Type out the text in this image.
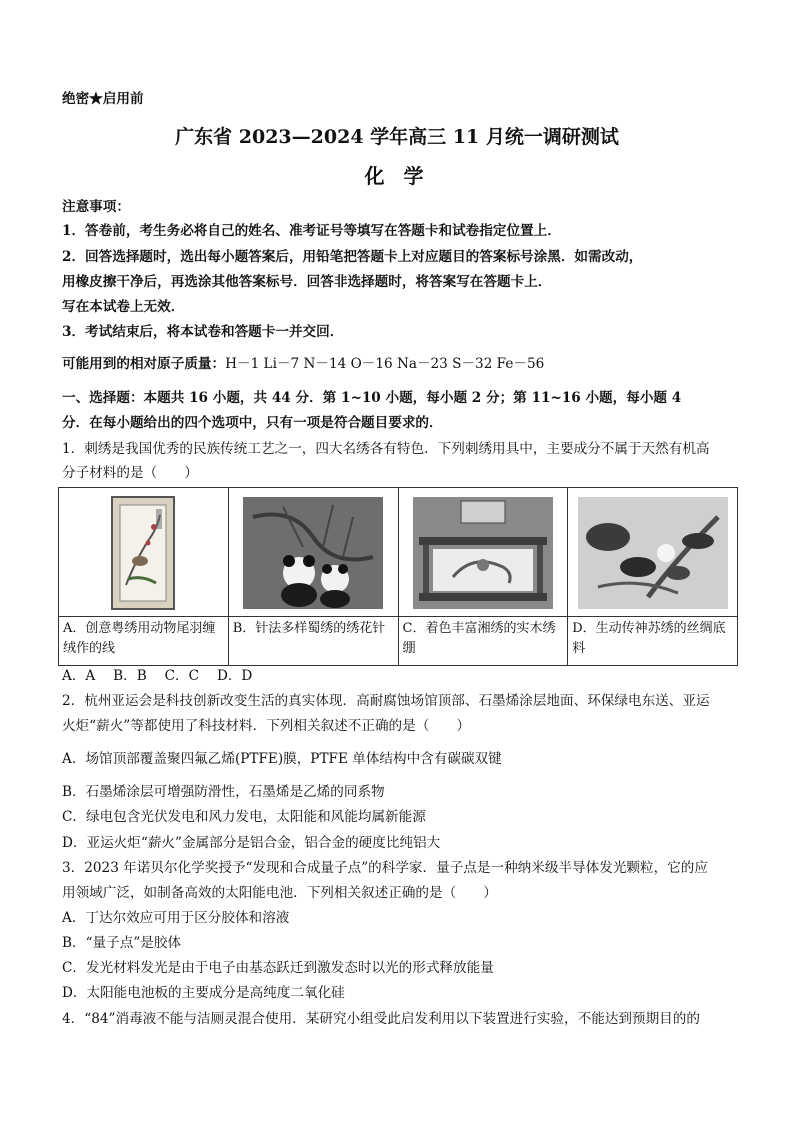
绝密★启用前
广东省 2023—2024 学年高三 11 月统一调研测试
化 学
注意事项：
1．答卷前，考生务必将自己的姓名、准考证号等填写在答题卡和试卷指定位置上．
2．回答选择题时，选出每小题答案后，用铅笔把答题卡上对应题目的答案标号涂黑．如需改动，
用橡皮擦干净后，再选涂其他答案标号．回答非选择题时，将答案写在答题卡上．
写在本试卷上无效．
3．考试结束后，将本试卷和答题卡一并交回．
可能用到的相对原子质量：H－1 Li－7 N－14 O－16 Na－23 S－32 Fe－56
一、选择题：本题共 16 小题，共 44 分．第 1~10 小题，每小题 2 分；第 11~16 小题，每小题 4
分．在每小题给出的四个选项中，只有一项是符合题目要求的．
1．刺绣是我国优秀的民族传统工艺之一，四大名绣各有特色．下列刺绣用具中，主要成分不属于天然有机高
分子材料的是（　　）

A．创意粤绣用动物尾羽缠绒作的线	B．针法多样蜀绣的绣花针	C．着色丰富湘绣的实木绣绷	D．生动传神苏绣的丝绸底料
A．A　 B．B　 C．C　 D．D
2．杭州亚运会是科技创新改变生活的真实体现．高耐腐蚀场馆顶部、石墨烯涂层地面、环保绿电东送、亚运
火炬“薪火”等都使用了科技材料．下列相关叙述不正确的是（　　）
A．场馆顶部覆盖聚四氟乙烯(PTFE)膜，PTFE 单体结构中含有碳碳双键
B．石墨烯涂层可增强防滑性，石墨烯是乙烯的同系物
C．绿电包含光伏发电和风力发电，太阳能和风能均属新能源
D．亚运火炬“薪火”金属部分是铝合金，铝合金的硬度比纯铝大
3．2023 年诺贝尔化学奖授予“发现和合成量子点”的科学家．量子点是一种纳米级半导体发光颗粒，它的应
用领域广泛，如制备高效的太阳能电池．下列相关叙述正确的是（　　）
A．丁达尔效应可用于区分胶体和溶液
B．“量子点”是胶体
C．发光材料发光是由于电子由基态跃迁到激发态时以光的形式释放能量
D．太阳能电池板的主要成分是高纯度二氧化硅
4．“84”消毒液不能与洁厕灵混合使用．某研究小组受此启发利用以下装置进行实验，不能达到预期目的的
